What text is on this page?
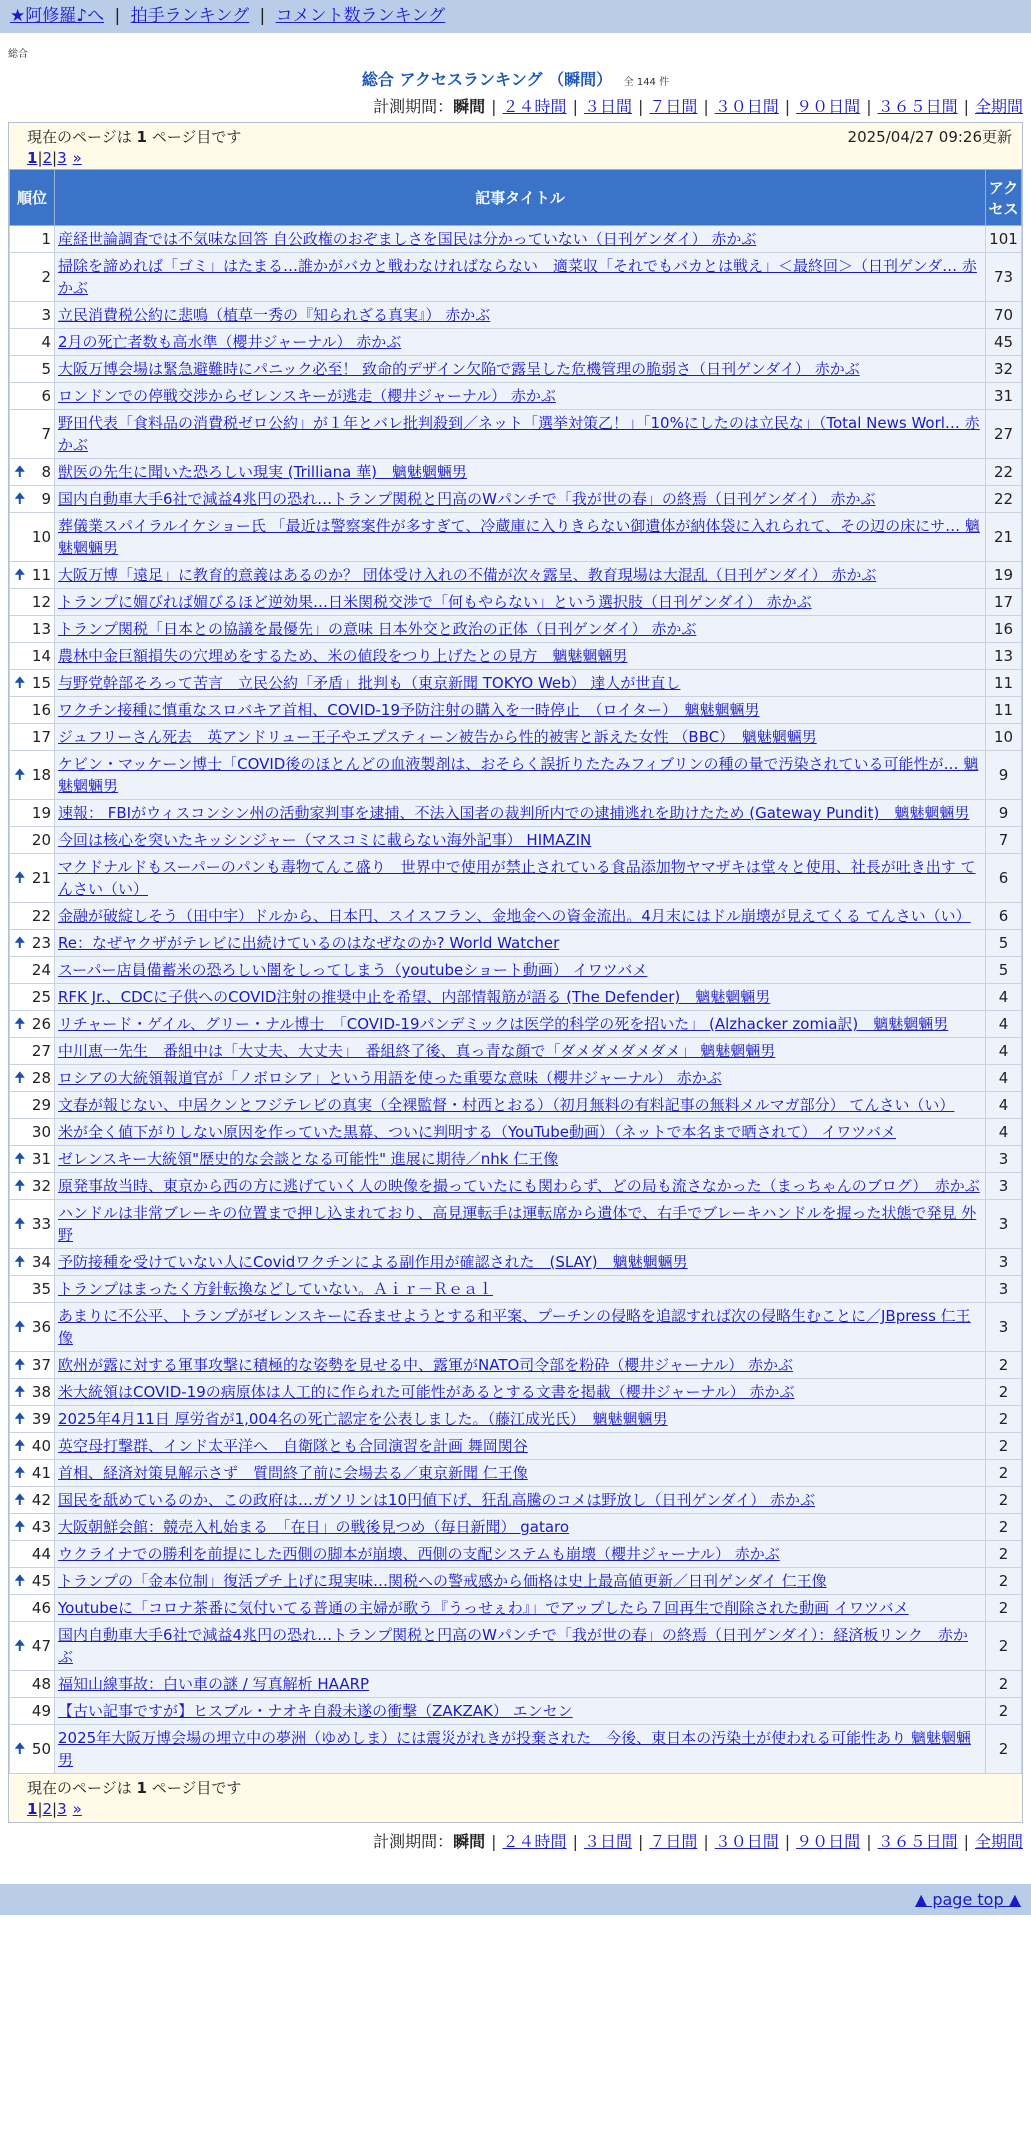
★阿修羅♪へ | 拍手ランキング | コメント数ランキング
総合
総合 アクセスランキング （瞬間） 全 144 件
計測期間：瞬間 | ２４時間 | ３日間 | ７日間 | ３０日間 | ９０日間 | ３６５日間 | 全期間
現在のページは 1 ページ目です	2025/04/27 09:26更新
1|2|3 »
順位	記事タイトル	アクセス
1	産経世論調査では不気味な回答 自公政権のおぞましさを国民は分かっていない（日刊ゲンダイ） 赤かぶ	101
2	掃除を諦めれば「ゴミ」はたまる…誰かがバカと戦わなければならない　適菜収「それでもバカとは戦え」＜最終回＞（日刊ゲンダ… 赤かぶ	73
3	立民消費税公約に悲鳴（植草一秀の『知られざる真実』） 赤かぶ	70
4	2月の死亡者数も高水準（櫻井ジャーナル） 赤かぶ	45
5	大阪万博会場は緊急避難時にパニック必至！ 致命的デザイン欠陥で露呈した危機管理の脆弱さ（日刊ゲンダイ） 赤かぶ	32
6	ロンドンでの停戦交渉からゼレンスキーが逃走（櫻井ジャーナル） 赤かぶ	31
7	野田代表「食料品の消費税ゼロ公約」が１年とバレ批判殺到／ネット「選挙対策乙！」「10%にしたのは立民な」（Total News Worl… 赤かぶ	27

🠉 8	獣医の先生に聞いた恐ろしい現実 (Trilliana 華)　魑魅魍魎男	22

🠉 9	国内自動車大手6社で減益4兆円の恐れ…トランプ関税と円高のWパンチで「我が世の春」の終焉（日刊ゲンダイ） 赤かぶ	22
10	葬儀業スパイラルイケショー氏 「最近は警察案件が多すぎて、冷蔵庫に入りきらない御遺体が納体袋に入れられて、その辺の床にサ… 魑魅魍魎男	21

🠉 11	大阪万博「遠足」に教育的意義はあるのか？ 団体受け入れの不備が次々露呈、教育現場は大混乱（日刊ゲンダイ） 赤かぶ	19
12	トランプに媚びれば媚びるほど逆効果…日米関税交渉で「何もやらない」という選択肢（日刊ゲンダイ） 赤かぶ	17
13	トランプ関税「日本との協議を最優先」の意味 日本外交と政治の正体（日刊ゲンダイ） 赤かぶ	16
14	農林中金巨額損失の穴埋めをするため、米の値段をつり上げたとの見方　魑魅魍魎男	13

🠉 15	与野党幹部そろって苦言　立民公約「矛盾」批判も（東京新聞 TOKYO Web） 達人が世直し	11
16	ワクチン接種に慎重なスロバキア首相、COVID-19予防注射の購入を一時停止　（ロイター）　魑魅魍魎男	11
17	ジュフリーさん死去　英アンドリュー王子やエプスティーン被告から性的被害と訴えた女性 （BBC）　魑魅魍魎男	10

🠉 18	ケビン・マッケーン博士「COVID後のほとんどの血液製剤は、おそらく誤折りたたみフィブリンの種の量で汚染されている可能性が… 魑魅魍魎男	9
19	速報： FBIがウィスコンシン州の活動家判事を逮捕、不法入国者の裁判所内での逮捕逃れを助けたため (Gateway Pundit)　魑魅魍魎男	9
20	今回は核心を突いたキッシンジャー（マスコミに載らない海外記事） HIMAZIN	7

🠉 21	マクドナルドもスーパーのパンも毒物てんこ盛り　世界中で使用が禁止されている食品添加物ヤマザキは堂々と使用、社長が吐き出す てんさい（い）	6
22	金融が破綻しそう（田中宇）ドルから、日本円、スイスフラン、金地金への資金流出。4月末にはドル崩壊が見えてくる てんさい（い）	6

🠉 23	Re：なぜヤクザがテレビに出続けているのはなぜなのか? World Watcher	5
24	スーパー店員備蓄米の恐ろしい闇をしってしまう（youtubeショート動画） イワツバメ	5
25	RFK Jr.、CDCに子供へのCOVID注射の推奨中止を希望、内部情報筋が語る (The Defender)　魑魅魍魎男	4

🠉 26	リチャード・ゲイル、グリー・ナル博士　「COVID-19パンデミックは医学的科学の死を招いた」 (Alzhacker zomia訳)　魑魅魍魎男	4
27	中川恵一先生　番組中は「大丈夫、大丈夫」　番組終了後、真っ青な顔で「ダメダメダメダメ」 魑魅魍魎男	4

🠉 28	ロシアの大統領報道官が「ノボロシア」という用語を使った重要な意味（櫻井ジャーナル） 赤かぶ	4
29	文春が報じない、中居クンとフジテレビの真実（全裸監督・村西とおる）（初月無料の有料記事の無料メルマガ部分） てんさい（い）	4
30	米が全く値下がりしない原因を作っていた黒幕、ついに判明する（YouTube動画）（ネットで本名まで晒されて） イワツバメ	4

🠉 31	ゼレンスキー大統領"歴史的な会談となる可能性" 進展に期待／nhk 仁王像	3

🠉 32	原発事故当時、東京から西の方に逃げていく人の映像を撮っていたにも関わらず、どの局も流さなかった（まっちゃんのブログ）　赤かぶ	3

🠉 33	ハンドルは非常ブレーキの位置まで押し込まれており、高見運転手は運転席から遺体で、右手でブレーキハンドルを握った状態で発見 外野	3

🠉 34	予防接種を受けていない人にCovidワクチンによる副作用が確認された　(SLAY)　魑魅魍魎男	3
35	トランプはまったく方針転換などしていない。Ａｉｒ－Ｒｅａｌ	3

🠉 36	あまりに不公平、トランプがゼレンスキーに呑ませようとする和平案、プーチンの侵略を追認すれば次の侵略生むことに／JBpress 仁王像	3

🠉 37	欧州が露に対する軍事攻撃に積極的な姿勢を見せる中、露軍がNATO司令部を粉砕（櫻井ジャーナル） 赤かぶ	2

🠉 38	米大統領はCOVID-19の病原体は人工的に作られた可能性があるとする文書を掲載（櫻井ジャーナル） 赤かぶ	2

🠉 39	2025年4月11日 厚労省が1,004名の死亡認定を公表しました。（藤江成光氏）　魑魅魍魎男	2

🠉 40	英空母打撃群、インド太平洋へ　自衛隊とも合同演習を計画 舞岡関谷	2

🠉 41	首相、経済対策見解示さず　質問終了前に会場去る／東京新聞 仁王像	2

🠉 42	国民を舐めているのか、この政府は…ガソリンは10円値下げ、狂乱高騰のコメは野放し（日刊ゲンダイ） 赤かぶ	2

🠉 43	大阪朝鮮会館：競売入札始まる　「在日」の戦後見つめ（毎日新聞） gataro	2
44	ウクライナでの勝利を前提にした西側の脚本が崩壊、西側の支配システムも崩壊（櫻井ジャーナル） 赤かぶ	2

🠉 45	トランプの「金本位制」復活プチ上げに現実味…関税への警戒感から価格は史上最高値更新／日刊ゲンダイ 仁王像	2
46	Youtubeに「コロナ茶番に気付いてる普通の主婦が歌う『うっせぇわ』」でアップしたら７回再生で削除された動画 イワツバメ	2

🠉 47	国内自動車大手6社で減益4兆円の恐れ…トランプ関税と円高のWパンチで「我が世の春」の終焉（日刊ゲンダイ）：経済板リンク　赤かぶ	2
48	福知山線事故：白い車の謎 / 写真解析 HAARP	2
49	【古い記事ですが】ヒスブル・ナオキ自殺未遂の衝撃（ZAKZAK） エンセン	2

🠉 50	2025年大阪万博会場の埋立中の夢洲（ゆめしま）には震災がれきが投棄された　今後、東日本の汚染土が使われる可能性あり 魑魅魍魎男	2
現在のページは 1 ページ目です
1|2|3 »
計測期間：瞬間 | ２４時間 | ３日間 | ７日間 | ３０日間 | ９０日間 | ３６５日間 | 全期間
▲ page top ▲
